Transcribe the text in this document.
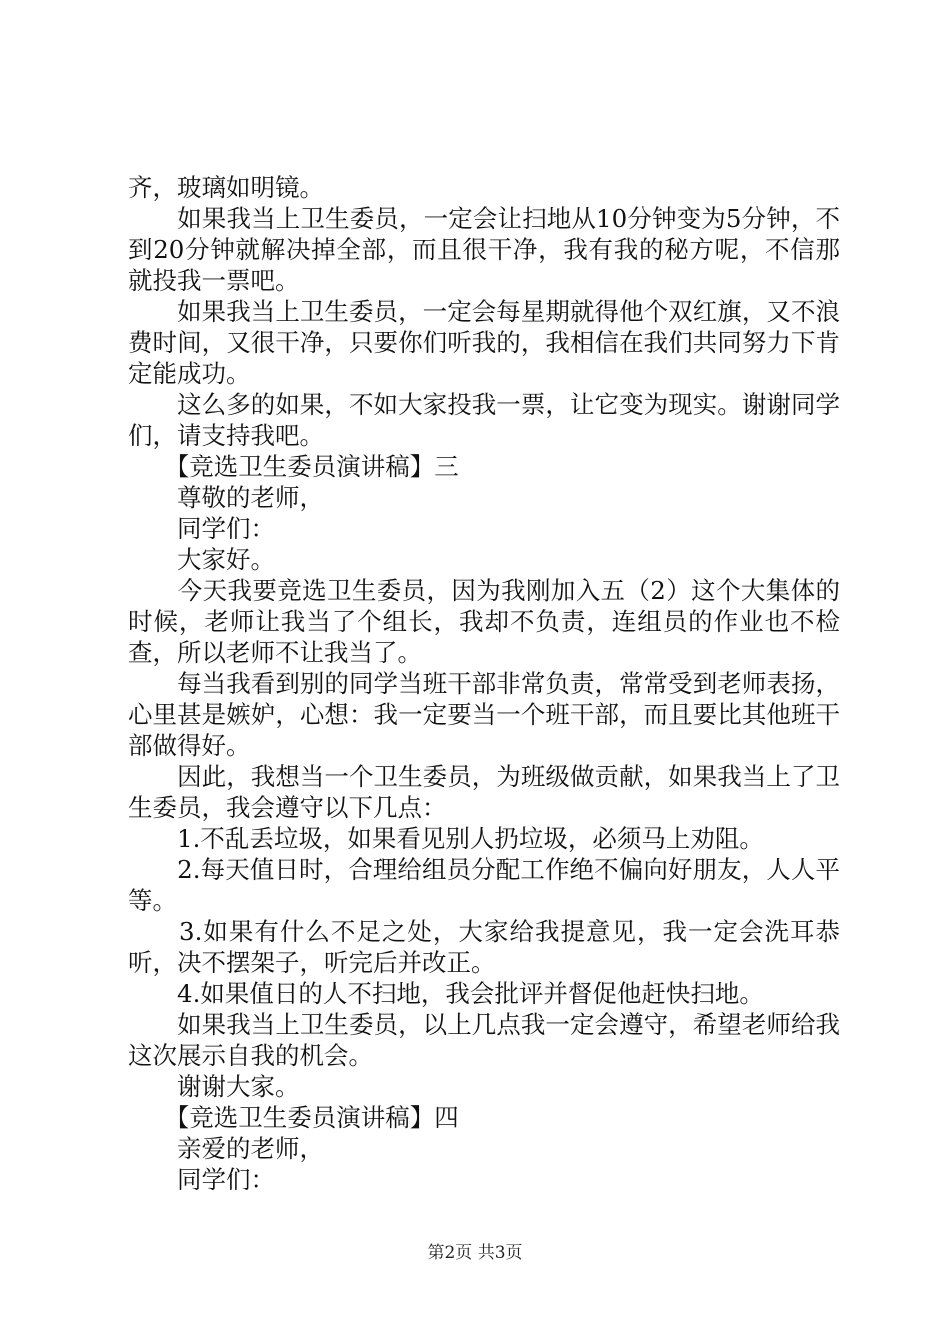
齐，玻璃如明镜。

　　如果我当上卫生委员，一定会让扫地从10分钟变为5分钟，不到20分钟就解决掉全部，而且很干净，我有我的秘方呢，不信那就投我一票吧。

　　如果我当上卫生委员，一定会每星期就得他个双红旗，又不浪费时间，又很干净，只要你们听我的，我相信在我们共同努力下肯定能成功。

　　这么多的如果，不如大家投我一票，让它变为现实。谢谢同学们，请支持我吧。

　　【竞选卫生委员演讲稿】三

　　尊敬的老师，

　　同学们：

　　大家好。

　　今天我要竞选卫生委员，因为我刚加入五（2）这个大集体的时候，老师让我当了个组长，我却不负责，连组员的作业也不检查，所以老师不让我当了。

　　每当我看到别的同学当班干部非常负责，常常受到老师表扬，心里甚是嫉妒，心想：我一定要当一个班干部，而且要比其他班干部做得好。

　　因此，我想当一个卫生委员，为班级做贡献，如果我当上了卫生委员，我会遵守以下几点：

　　1.不乱丢垃圾，如果看见别人扔垃圾，必须马上劝阻。

　　2.每天值日时，合理给组员分配工作绝不偏向好朋友，人人平等。

　　3.如果有什么不足之处，大家给我提意见，我一定会洗耳恭听，决不摆架子，听完后并改正。

　　4.如果值日的人不扫地，我会批评并督促他赶快扫地。

　　如果我当上卫生委员，以上几点我一定会遵守，希望老师给我这次展示自我的机会。

　　谢谢大家。

　　【竞选卫生委员演讲稿】四

　　亲爱的老师，

　　同学们：

第2页 共3页
